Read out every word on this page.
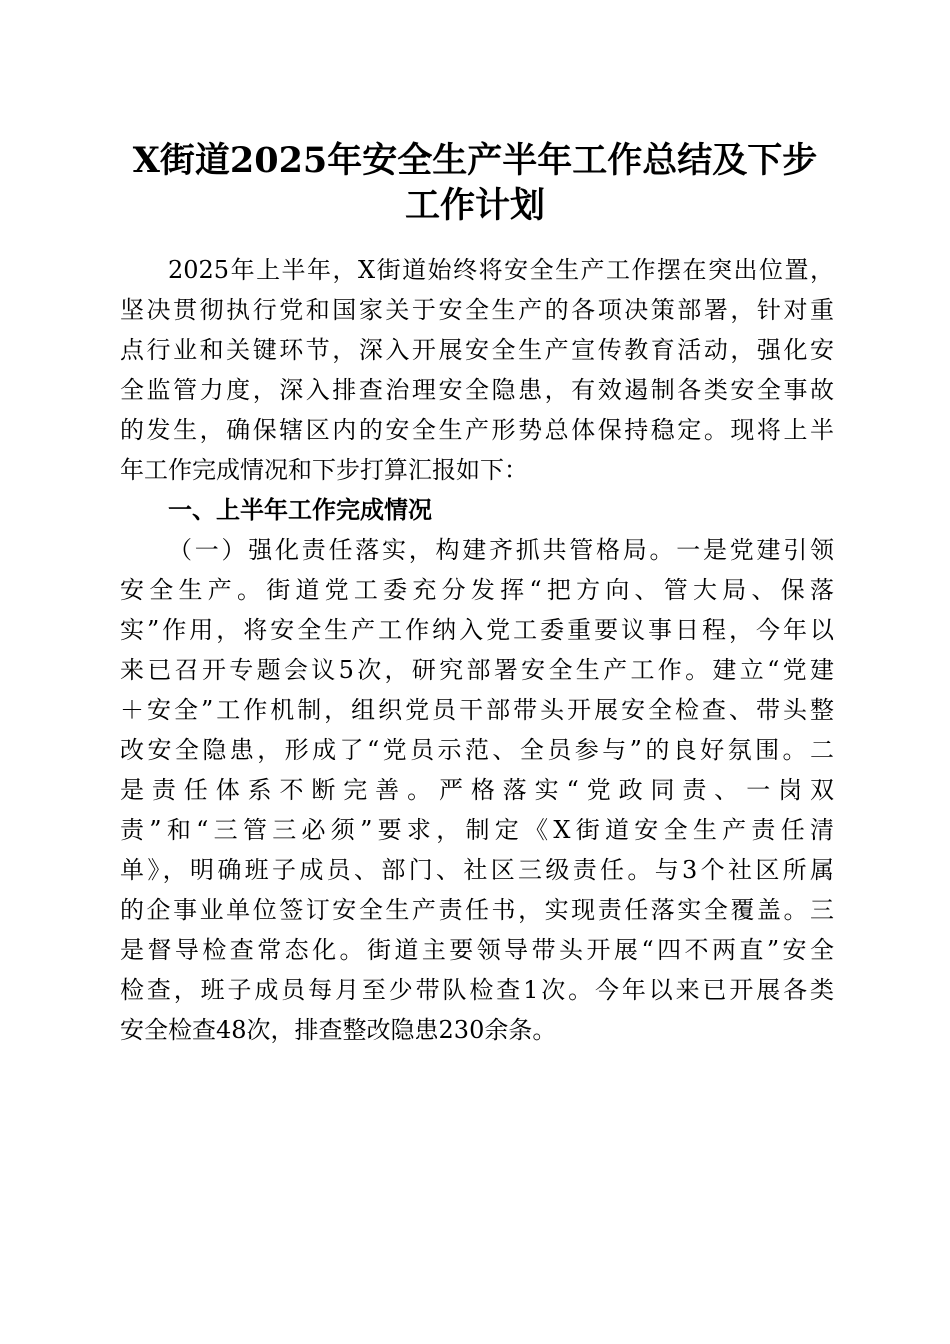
X街道2025年安全生产半年工作总结及下步
工作计划
2025年上半年，X街道始终将安全生产工作摆在突出位置，
坚决贯彻执行党和国家关于安全生产的各项决策部署，针对重
点行业和关键环节，深入开展安全生产宣传教育活动，强化安
全监管力度，深入排查治理安全隐患，有效遏制各类安全事故
的发生，确保辖区内的安全生产形势总体保持稳定。现将上半
年工作完成情况和下步打算汇报如下：
一、上半年工作完成情况
（一）强化责任落实，构建齐抓共管格局。一是党建引领
安全生产。街道党工委充分发挥“把方向、管大局、保落
实”作用，将安全生产工作纳入党工委重要议事日程，今年以
来已召开专题会议5次，研究部署安全生产工作。建立“党建
＋安全”工作机制，组织党员干部带头开展安全检查、带头整
改安全隐患，形成了“党员示范、全员参与”的良好氛围。二
是责任体系不断完善。严格落实“党政同责、一岗双
责”和“三管三必须”要求，制定《X街道安全生产责任清
单》，明确班子成员、部门、社区三级责任。与3个社区所属
的企事业单位签订安全生产责任书，实现责任落实全覆盖。三
是督导检查常态化。街道主要领导带头开展“四不两直”安全
检查，班子成员每月至少带队检查1次。今年以来已开展各类
安全检查48次，排查整改隐患230余条。
